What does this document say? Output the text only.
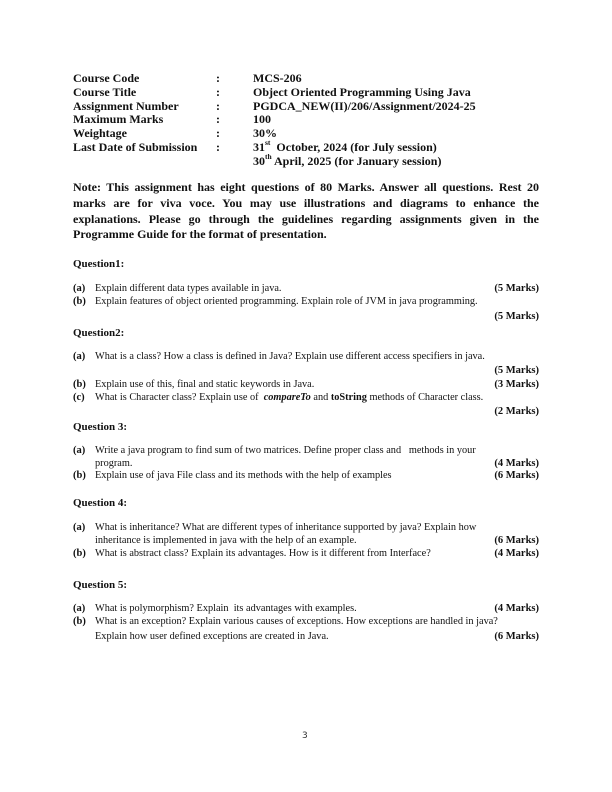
Course Code	:	MCS-206
Course Title	:	Object Oriented Programming Using Java
Assignment Number	:	PGDCA_NEW(II)/206/Assignment/2024-25
Maximum Marks	:	100
Weightage	:	30%
Last Date of Submission	:	31st  October, 2024 (for July session)
30th April, 2025 (for January session)
Note: This assignment has eight questions of 80 Marks. Answer all questions. Rest 20 marks are for viva voce. You may use illustrations and diagrams to enhance the explanations. Please go through the guidelines regarding assignments given in the Programme Guide for the format of presentation.
Question1:
(a) Explain different data types available in java.	(5 Marks)
(b) Explain features of object oriented programming. Explain role of JVM in java programming.
(5 Marks)
Question2:
(a) What is a class? How a class is defined in Java? Explain use different access specifiers in java.
(5 Marks)
(b) Explain use of this, final and static keywords in Java.	(3 Marks)
(c) What is Character class? Explain use of  compareTo and toString methods of Character class.
(2 Marks)
Question 3:
(a) Write a java program to find sum of two matrices. Define proper class and   methods in your
program.	(4 Marks)
(b) Explain use of java File class and its methods with the help of examples	(6 Marks)
Question 4:
(a) What is inheritance? What are different types of inheritance supported by java? Explain how
inheritance is implemented in java with the help of an example.	(6 Marks)
(b) What is abstract class? Explain its advantages. How is it different from Interface?	(4 Marks)
Question 5:
(a) What is polymorphism? Explain  its advantages with examples.	(4 Marks)
(b) What is an exception? Explain various causes of exceptions. How exceptions are handled in java?
Explain how user defined exceptions are created in Java.	(6 Marks)
3
